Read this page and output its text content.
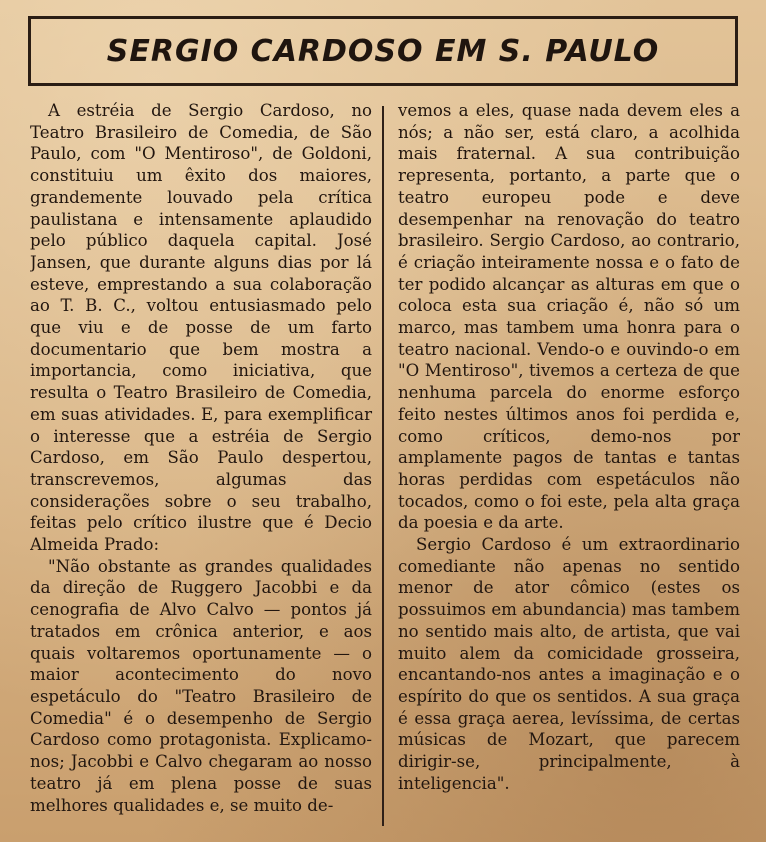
SERGIO CARDOSO EM S. PAULO

A estréia de Sergio Cardoso, no Teatro Brasileiro de Comedia, de São Paulo, com "O Mentiroso", de Goldoni, constituiu um êxito dos maiores, grandemente louvado pela crítica paulistana e intensamente aplaudido pelo público daquela capital. José Jansen, que durante alguns dias por lá esteve, emprestando a sua colaboração ao T. B. C., voltou entusiasmado pelo que viu e de posse de um farto documentario que bem mostra a importancia, como iniciativa, que resulta o Teatro Brasileiro de Comedia, em suas atividades. E, para exemplificar o interesse que a estréia de Sergio Cardoso, em São Paulo despertou, transcrevemos, algumas das considerações sobre o seu trabalho, feitas pelo crítico ilustre que é Decio Almeida Prado:

"Não obstante as grandes qualidades da direção de Ruggero Jacobbi e da cenografia de Alvo Calvo — pontos já tratados em crônica anterior, e aos quais voltaremos oportunamente — o maior acontecimento do novo espetáculo do "Teatro Brasileiro de Comedia" é o desempenho de Sergio Cardoso como protagonista. Explicamo-nos; Jacobbi e Calvo chegaram ao nosso teatro já em plena posse de suas melhores qualidades e, se muito de-

vemos a eles, quase nada devem eles a nós; a não ser, está claro, a acolhida mais fraternal. A sua contribuição representa, portanto, a parte que o teatro europeu pode e deve desempenhar na renovação do teatro brasileiro. Sergio Cardoso, ao contrario, é criação inteiramente nossa e o fato de ter podido alcançar as alturas em que o coloca esta sua criação é, não só um marco, mas tambem uma honra para o teatro nacional. Vendo-o e ouvindo-o em "O Mentiroso", tivemos a certeza de que nenhuma parcela do enorme esforço feito nestes últimos anos foi perdida e, como críticos, demo-nos por amplamente pagos de tantas e tantas horas perdidas com espetáculos não tocados, como o foi este, pela alta graça da poesia e da arte.

Sergio Cardoso é um extraordinario comediante não apenas no sentido menor de ator cômico (estes os possuimos em abundancia) mas tambem no sentido mais alto, de artista, que vai muito alem da comicidade grosseira, encantando-nos antes a imaginação e o espírito do que os sentidos. A sua graça é essa graça aerea, levíssima, de certas músicas de Mozart, que parecem dirigir-se, principalmente, à inteligencia".
